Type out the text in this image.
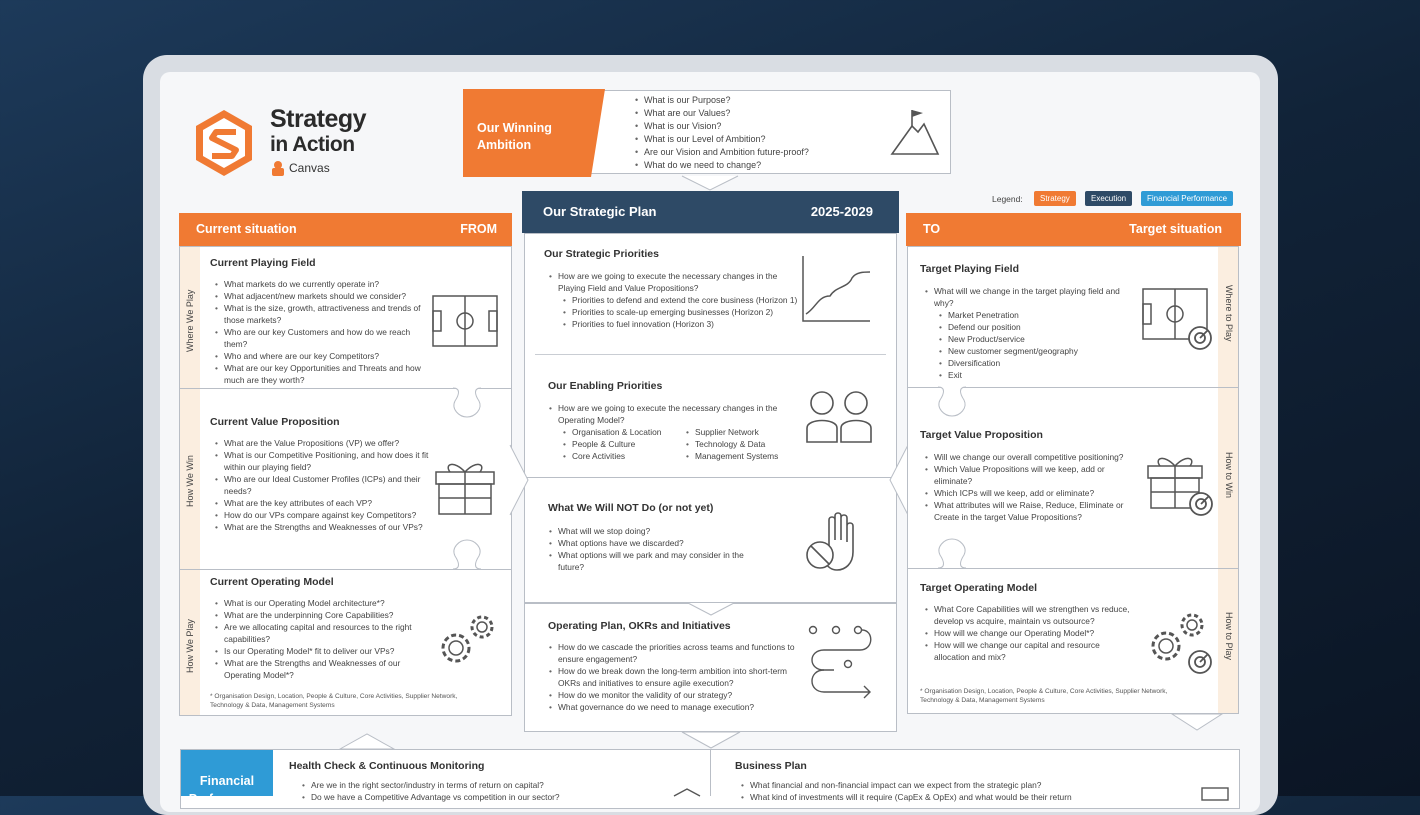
Strategy
in Action
Canvas
Our Winning Ambition
• What is our Purpose?
• What are our Values?
• What is our Vision?
• What is our Level of Ambition?
• Are our Vision and Ambition future-proof?
• What do we need to change?
Legend:	Strategy	Execution	Financial Performance
Current situation	FROM
Where We Play
How We Win
How We Play
Current Playing Field
• What markets do we currently operate in?
• What adjacent/new markets should we consider?
• What is the size, growth, attractiveness and trends of those markets?
• Who are our key Customers and how do we reach them?
• Who and where are our key Competitors?
• What are our key Opportunities and Threats and how much are they worth?
Current Value Proposition
• What are the Value Propositions (VP) we offer?
• What is our Competitive Positioning, and how does it fit within our playing field?
• Who are our Ideal Customer Profiles (ICPs) and their needs?
• What are the key attributes of each VP?
• How do our VPs compare against key Competitors?
• What are the Strengths and Weaknesses of our VPs?
Current Operating Model
• What is our Operating Model architecture*?
• What are the underpinning Core Capabilities?
• Are we allocating capital and resources to the right capabilities?
• Is our Operating Model* fit to deliver our VPs?
• What are the Strengths and Weaknesses of our Operating Model*?
* Organisation Design, Location, People & Culture, Core Activities, Supplier Network, Technology & Data, Management Systems
Our Strategic Plan	2025-2029
Our Strategic Priorities
• How are we going to execute the necessary changes in the Playing Field and Value Propositions?
• Priorities to defend and extend the core business (Horizon 1)
• Priorities to scale-up emerging businesses (Horizon 2)
• Priorities to fuel innovation (Horizon 3)
Our Enabling Priorities
• How are we going to execute the necessary changes in the Operating Model?
• Organisation & Location
• People & Culture
• Core Activities
• Supplier Network
• Technology & Data
• Management Systems
What We Will NOT Do (or not yet)
• What will we stop doing?
• What options have we discarded?
• What options will we park and may consider in the future?
Operating Plan, OKRs and Initiatives
• How do we cascade the priorities across teams and functions to ensure engagement?
• How do we break down the long-term ambition into short-term OKRs and initiatives to ensure agile execution?
• How do we monitor the validity of our strategy?
• What governance do we need to manage execution?
TO	Target situation
Where to Play
How to Win
How to Play
Target Playing Field
• What will we change in the target playing field and why?
• Market Penetration
• Defend our position
• New Product/service
• New customer segment/geography
• Diversification
• Exit
Target Value Proposition
• Will we change our overall competitive positioning?
• Which Value Propositions will we keep, add or eliminate?
• Which ICPs will we keep, add or eliminate?
• What attributes will we Raise, Reduce, Eliminate or Create in the target Value Propositions?
Target Operating Model
• What Core Capabilities will we strengthen vs reduce, develop vs acquire, maintain vs outsource?
• How will we change our Operating Model*?
• How will we change our capital and resource allocation and mix?
* Organisation Design, Location, People & Culture, Core Activities, Supplier Network, Technology & Data, Management Systems
Financial Performance
Health Check & Continuous Monitoring
• Are we in the right sector/industry in terms of return on capital?
• Do we have a Competitive Advantage vs competition in our sector?
Business Plan
• What financial and non-financial impact can we expect from the strategic plan?
• What kind of investments will it require (CapEx & OpEx) and what would be their return
